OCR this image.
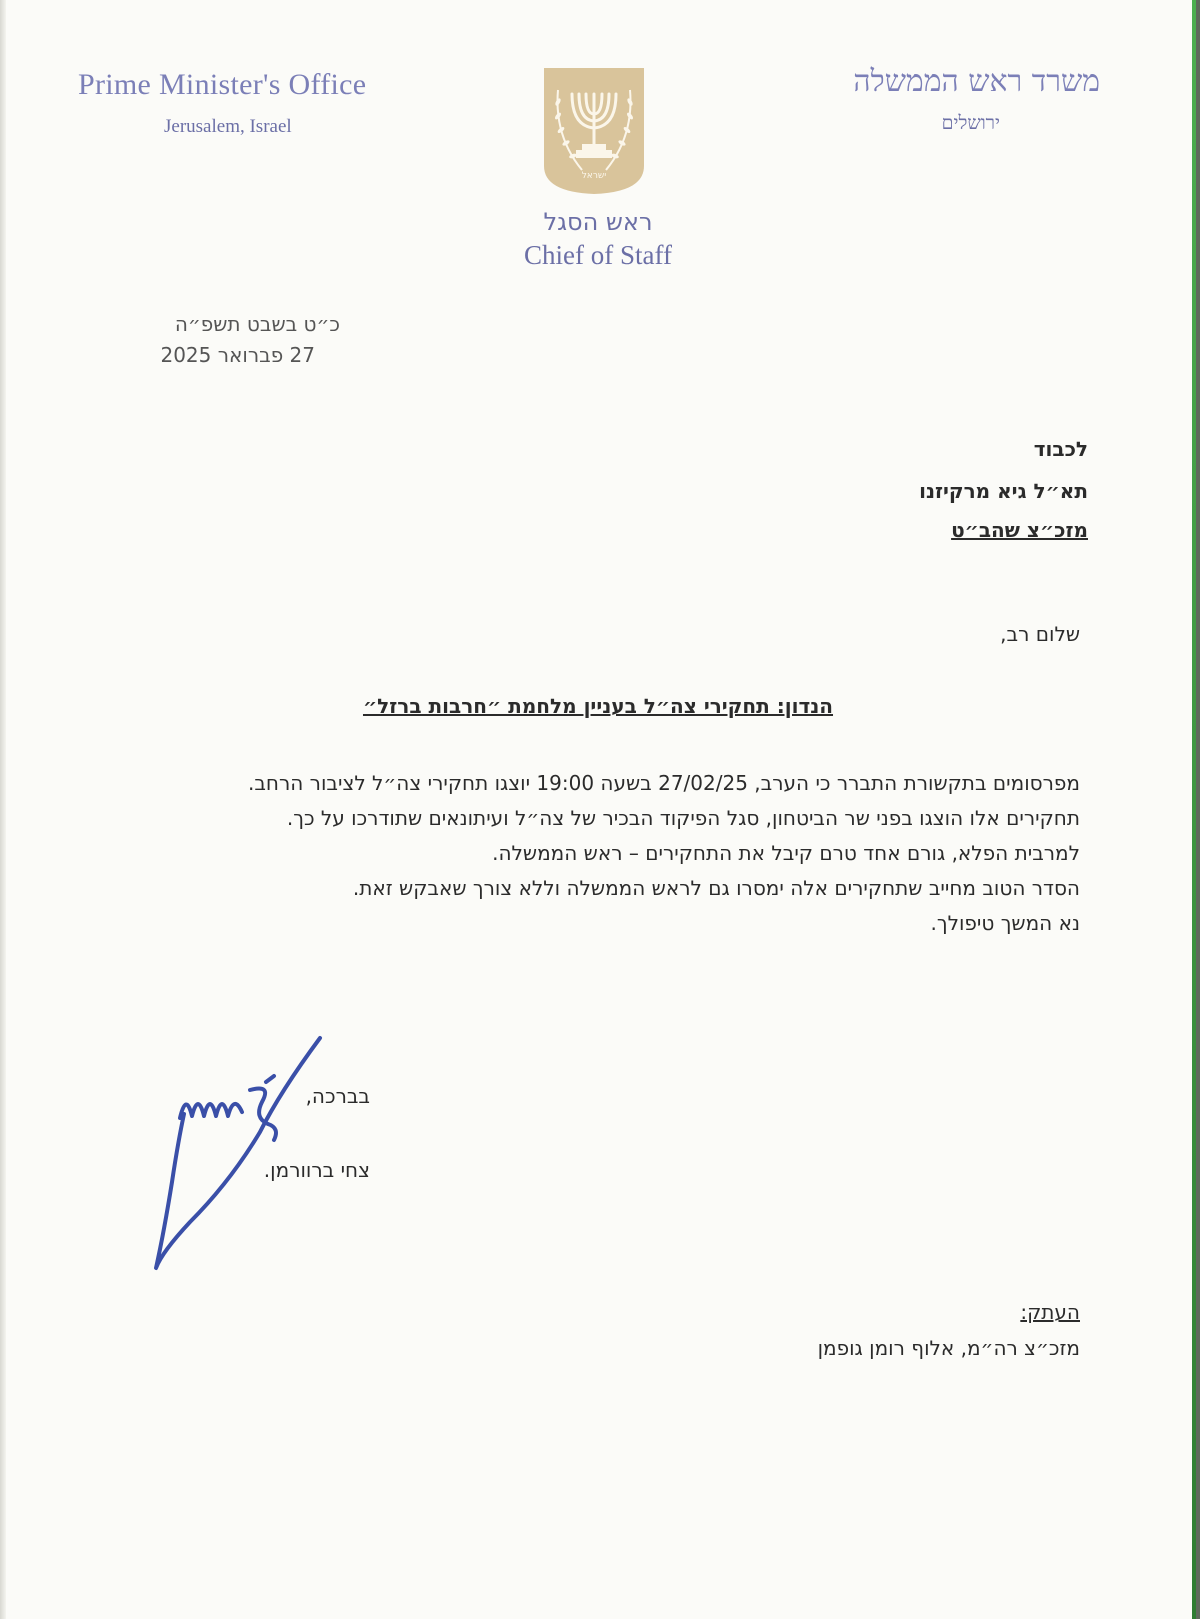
Prime Minister's Office
Jerusalem, Israel
משרד ראש הממשלה
ירושלים
ישראל
ראש הסגל
Chief of Staff
כ״ט בשבט תשפ״ה
27 פברואר 2025
לכבוד
תא״ל גיא מרקיזנו
מזכ״צ שהב״ט
שלום רב,
הנדון: תחקירי צה״ל בעניין מלחמת ״חרבות ברזל״

מפרסומים בתקשורת התברר כי הערב, 27/02/25 בשעה 19:00 יוצגו תחקירי צה״ל לציבור הרחב.

תחקירים אלו הוצגו בפני שר הביטחון, סגל הפיקוד הבכיר של צה״ל ועיתונאים שתודרכו על כך.

למרבית הפלא, גורם אחד טרם קיבל את התחקירים – ראש הממשלה.

הסדר הטוב מחייב שתחקירים אלה ימסרו גם לראש הממשלה וללא צורך שאבקש זאת.

נא המשך טיפולך.

בברכה,
צחי ברוורמן.
העתק:
מזכ״צ רה״מ, אלוף רומן גופמן
